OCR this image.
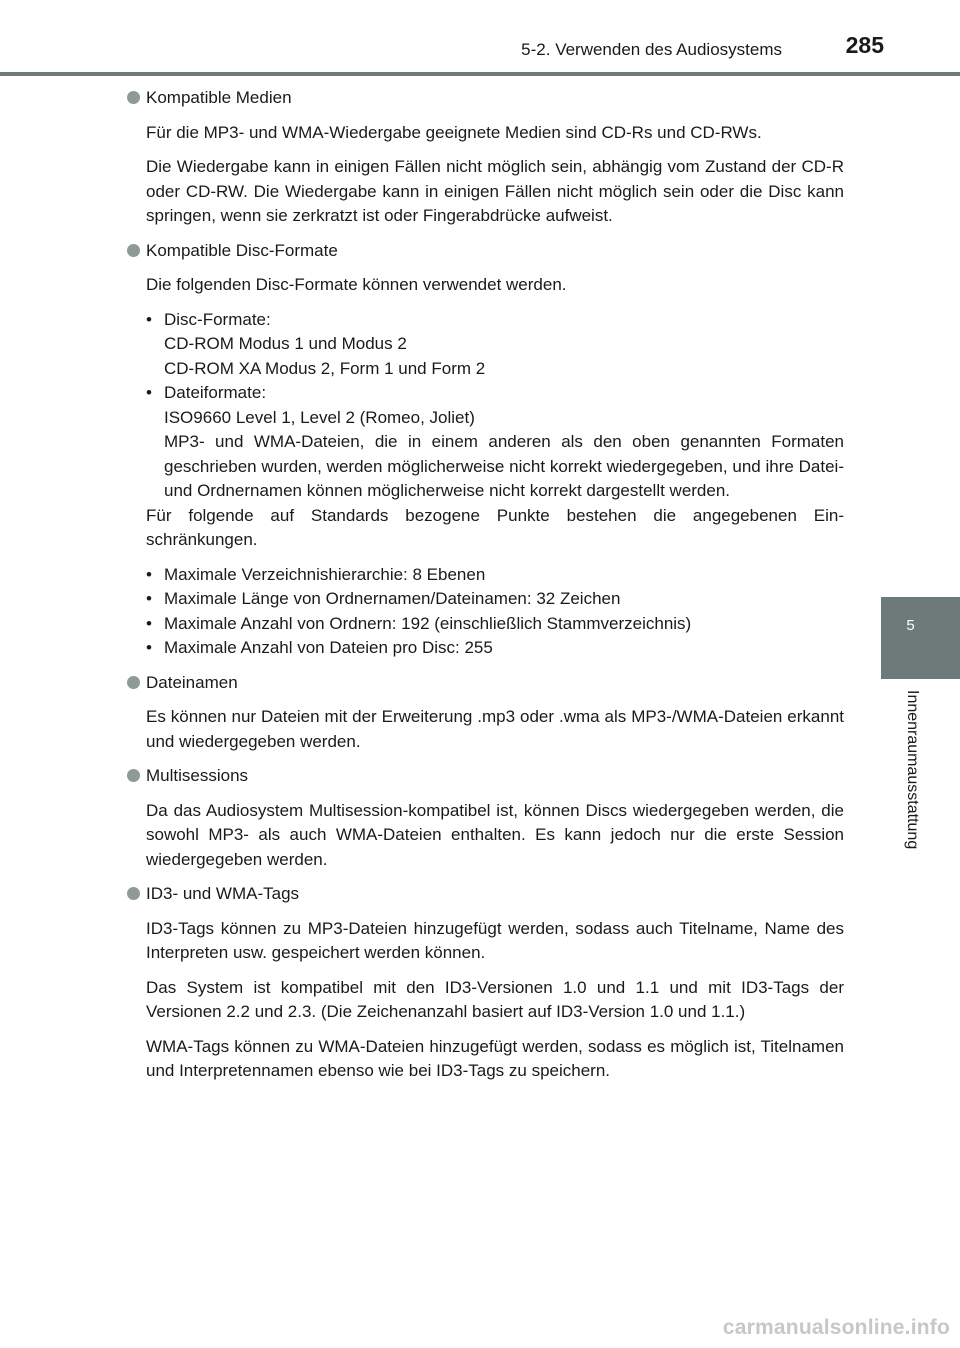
5-2. Verwenden des Audiosystems	285
5
Innenraumausstattung

Kompatible Medien

Für die MP3- und WMA-Wiedergabe geeignete Medien sind CD-Rs und CD-RWs.

Die Wiedergabe kann in einigen Fällen nicht möglich sein, abhängig vom Zustand der CD-R oder CD-RW. Die Wiedergabe kann in einigen Fällen nicht möglich sein oder die Disc kann springen, wenn sie zerkratzt ist oder Fingerabdrücke aufweist.

Kompatible Disc-Formate

Die folgenden Disc-Formate können verwendet werden.

• Disc-Formate:
CD-ROM Modus 1 und Modus 2
CD-ROM XA Modus 2, Form 1 und Form 2
• Dateiformate:
ISO9660 Level 1, Level 2 (Romeo, Joliet)
MP3- und WMA-Dateien, die in einem anderen als den oben genannten Formaten geschrieben wurden, werden möglicherweise nicht korrekt wiedergegeben, und ihre Datei- und Ordnernamen können möglicherweise nicht korrekt dargestellt werden.

Für folgende auf Standards bezogene Punkte bestehen die angegebenen Ein-schränkungen.

• Maximale Verzeichnishierarchie: 8 Ebenen
• Maximale Länge von Ordnernamen/Dateinamen: 32 Zeichen
• Maximale Anzahl von Ordnern: 192 (einschließlich Stammverzeichnis)
• Maximale Anzahl von Dateien pro Disc: 255

Dateinamen

Es können nur Dateien mit der Erweiterung .mp3 oder .wma als MP3-/WMA-Dateien erkannt und wiedergegeben werden.

Multisessions

Da das Audiosystem Multisession-kompatibel ist, können Discs wiedergegeben werden, die sowohl MP3- als auch WMA-Dateien enthalten. Es kann jedoch nur die erste Session wiedergegeben werden.

ID3- und WMA-Tags

ID3-Tags können zu MP3-Dateien hinzugefügt werden, sodass auch Titelname, Name des Interpreten usw. gespeichert werden können.

Das System ist kompatibel mit den ID3-Versionen 1.0 und 1.1 und mit ID3-Tags der Versionen 2.2 und 2.3. (Die Zeichenanzahl basiert auf ID3-Version 1.0 und 1.1.)

WMA-Tags können zu WMA-Dateien hinzugefügt werden, sodass es möglich ist, Titelnamen und Interpretennamen ebenso wie bei ID3-Tags zu speichern.

carmanualsonline.info
